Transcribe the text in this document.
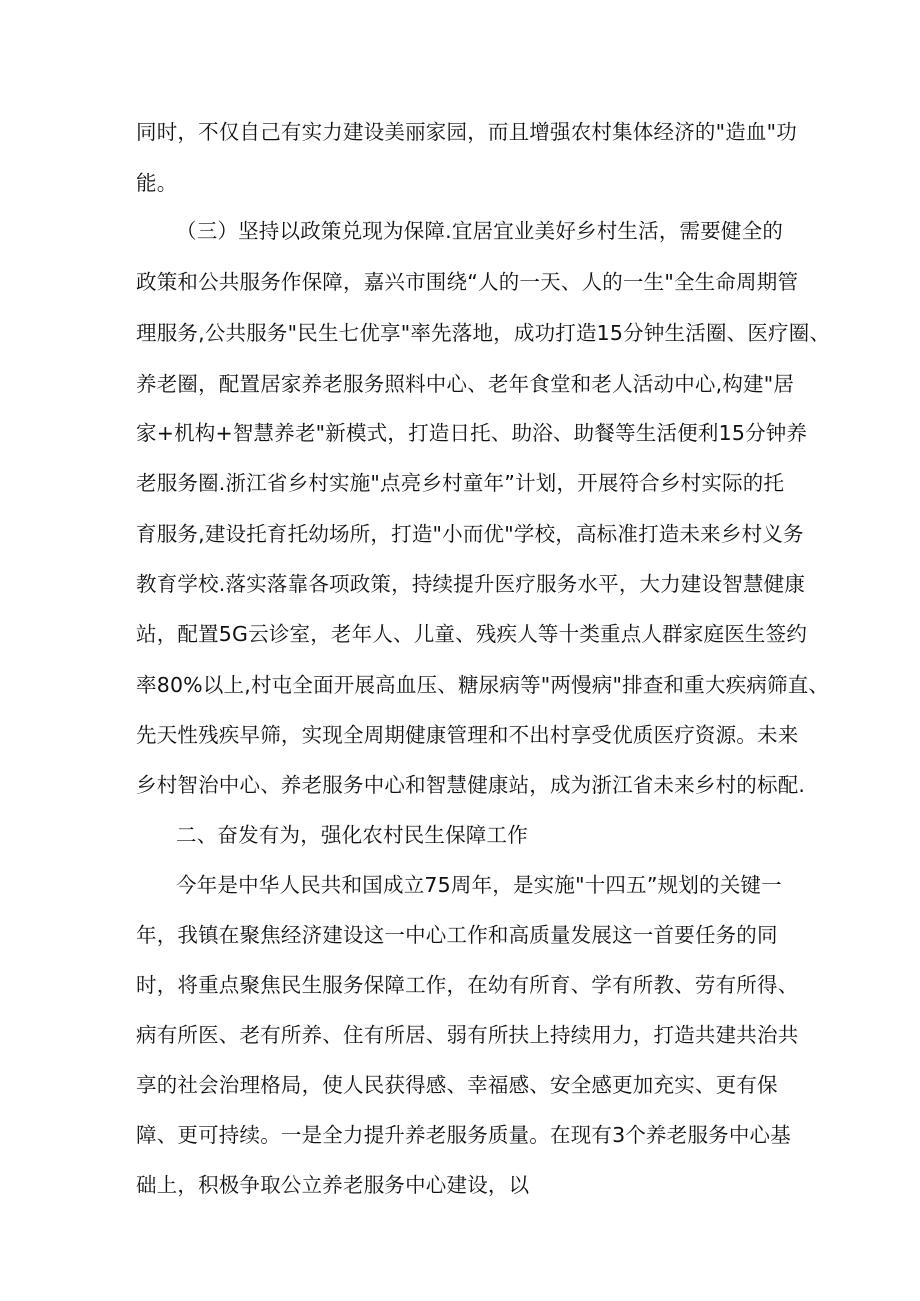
同时，不仅自己有实力建设美丽家园，而且增强农村集体经济的"造血"功

能。

（三）坚持以政策兑现为保障.宜居宜业美好乡村生活，需要健全的

政策和公共服务作保障，嘉兴市围绕“人的一天、人的一生"全生命周期管

理服务,公共服务"民生七优享"率先落地，成功打造15分钟生活圈、医疗圈、

养老圈，配置居家养老服务照料中心、老年食堂和老人活动中心,构建"居

家+机构+智慧养老"新模式，打造日托、助浴、助餐等生活便利15分钟养

老服务圈.浙江省乡村实施"点亮乡村童年”计划，开展符合乡村实际的托

育服务,建设托育托幼场所，打造"小而优"学校，高标准打造未来乡村义务

教育学校.落实落靠各项政策，持续提升医疗服务水平，大力建设智慧健康

站，配置5G云诊室，老年人、儿童、残疾人等十类重点人群家庭医生签约

率80%以上,村屯全面开展高血压、糖尿病等"两慢病"排查和重大疾病筛直、

先天性残疾早筛，实现全周期健康管理和不出村享受优质医疗资源。未来

乡村智治中心、养老服务中心和智慧健康站，成为浙江省未来乡村的标配.

二、奋发有为，强化农村民生保障工作

今年是中华人民共和国成立75周年，是实施"十四五”规划的关键一

年，我镇在聚焦经济建设这一中心工作和高质量发展这一首要任务的同

时，将重点聚焦民生服务保障工作，在幼有所育、学有所教、劳有所得、

病有所医、老有所养、住有所居、弱有所扶上持续用力，打造共建共治共

享的社会治理格局，使人民获得感、幸福感、安全感更加充实、更有保

障、更可持续。一是全力提升养老服务质量。在现有3个养老服务中心基

础上，积极争取公立养老服务中心建设，以
